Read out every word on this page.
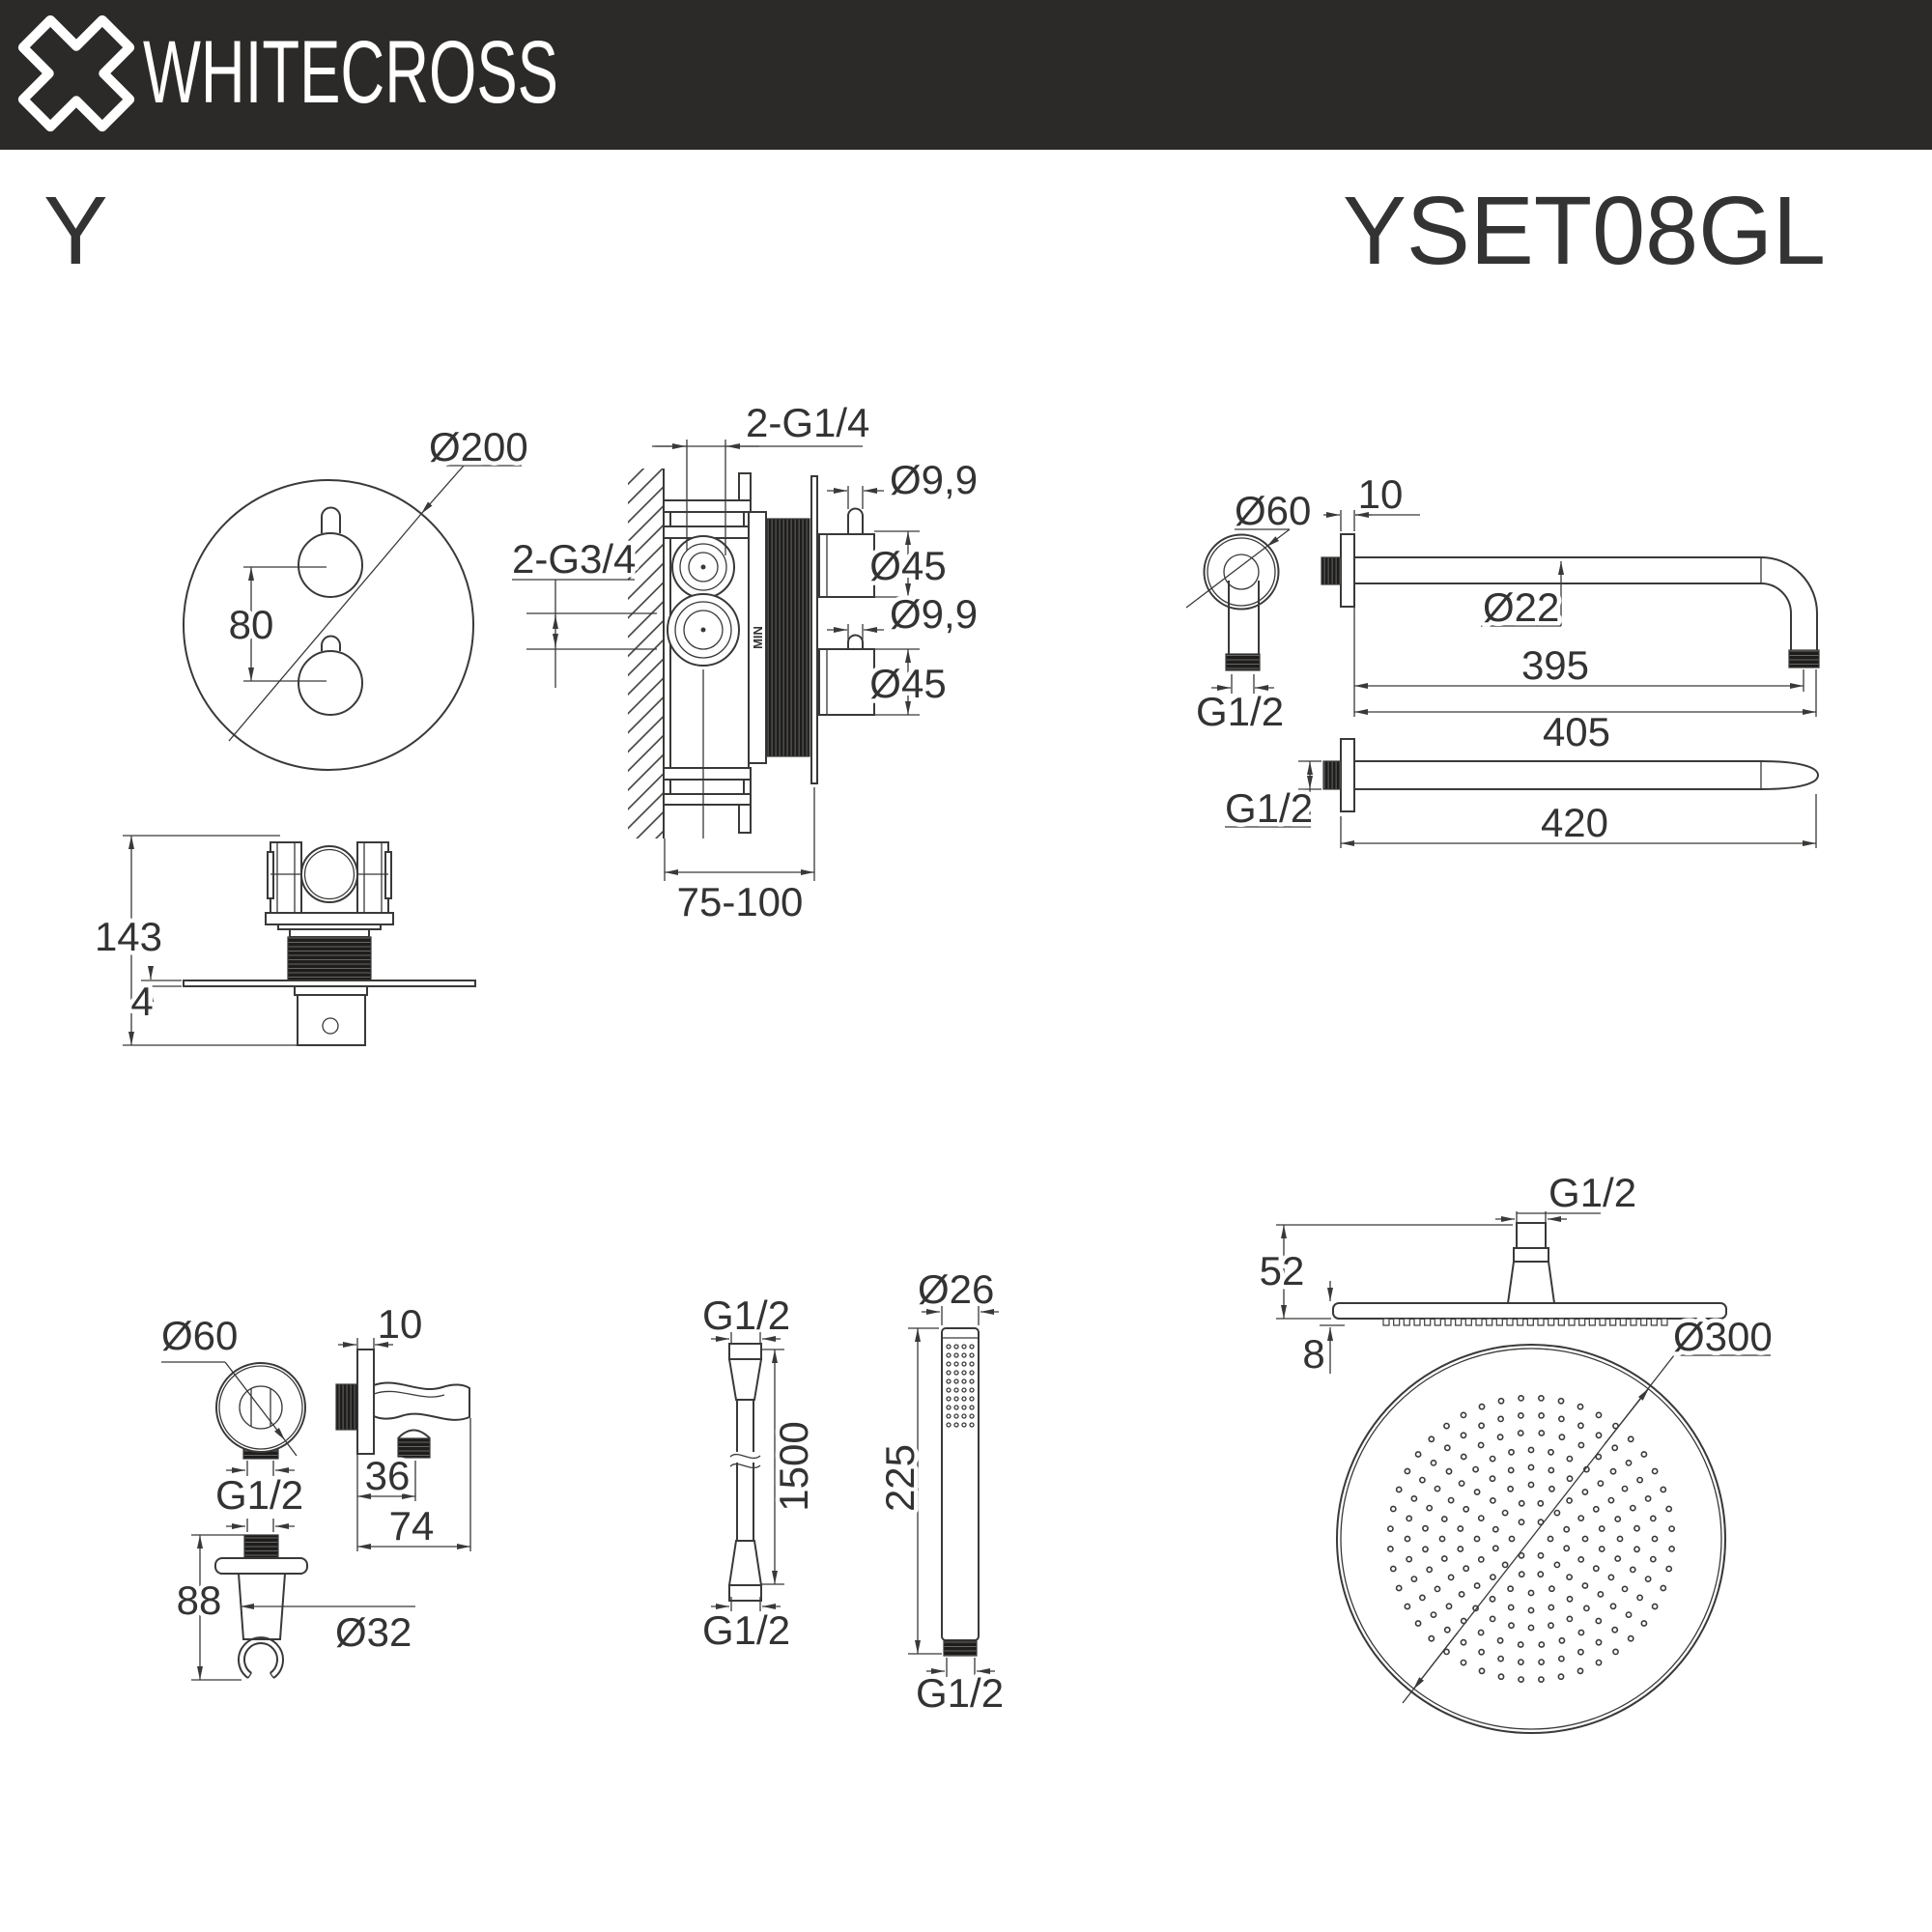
WHITECROSS
Y	YSET08GL
80
Ø200
MIN
2-G1/4
2-G3/4
Ø9,9
Ø45
Ø9,9
Ø45
75-100
143
4
G1/2
Ø60 10
Ø22
395
405
G1/2	420
G1/2
52
8	Ø300
Ø60
G1/2
88
Ø32
10
36
74
G1/2
G1/2
1500
Ø26
G1/2
225
